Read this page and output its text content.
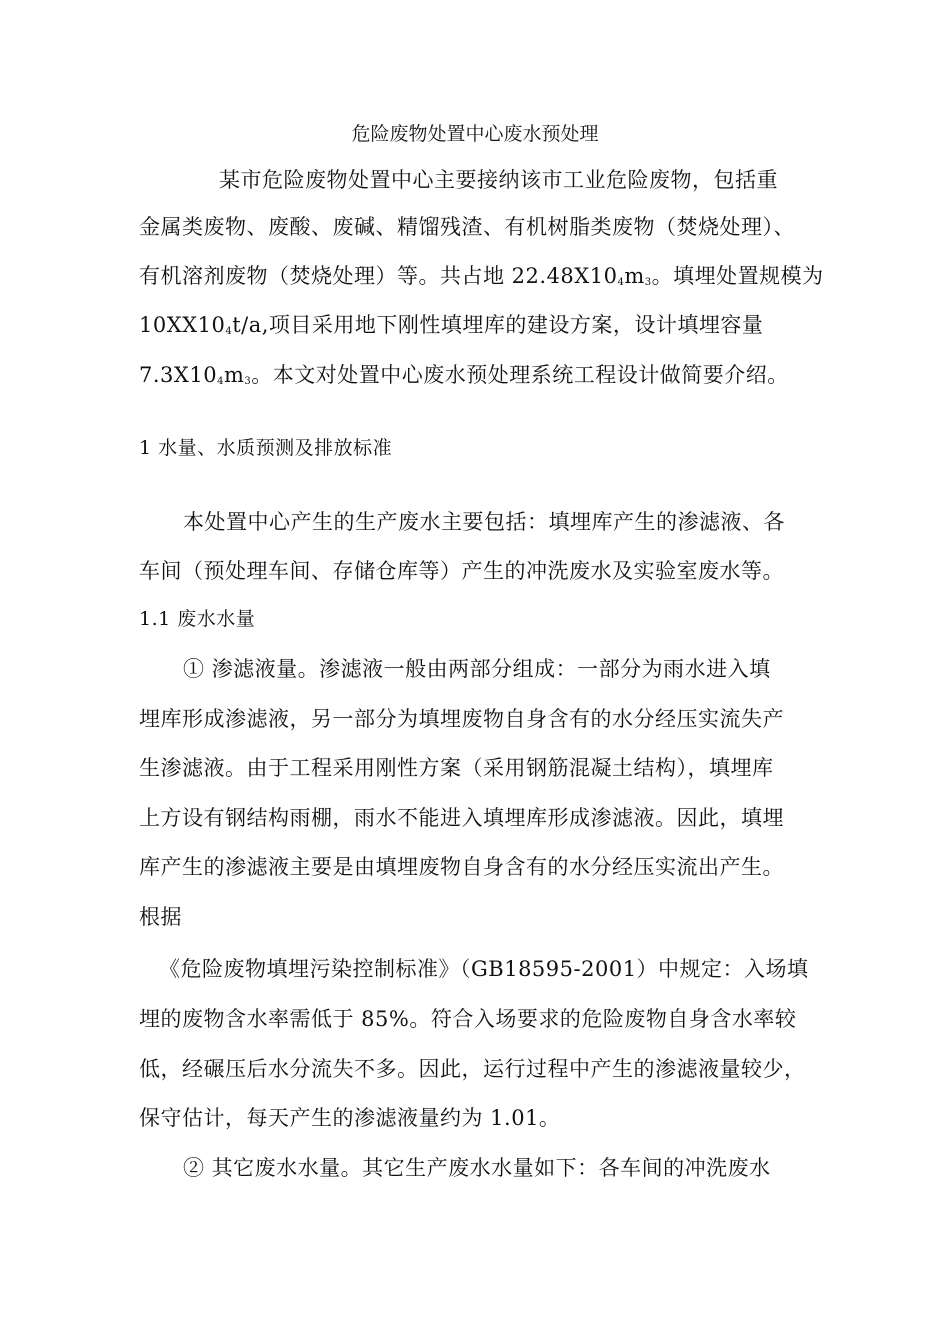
危险废物处置中心废水预处理
某市危险废物处置中心主要接纳该市工业危险废物，包括重
金属类废物、废酸、废碱、精馏残渣、有机树脂类废物（焚烧处理）、
有机溶剂废物（焚烧处理）等。共占地 $22.48X10_4m_3$。填埋处置规模为
$10XX10_4t/a$,项目采用地下刚性填埋库的建设方案，设计填埋容量
$7.3X10_4m_3$。本文对处置中心废水预处理系统工程设计做简要介绍。
1 水量、水质预测及排放标准
本处置中心产生的生产废水主要包括：填埋库产生的渗滤液、各
车间（预处理车间、存储仓库等）产生的冲洗废水及实验室废水等。
1.1 废水水量
① 渗滤液量。渗滤液一般由两部分组成：一部分为雨水进入填
埋库形成渗滤液，另一部分为填埋废物自身含有的水分经压实流失产
生渗滤液。由于工程采用刚性方案（采用钢筋混凝土结构），填埋库
上方设有钢结构雨棚，雨水不能进入填埋库形成渗滤液。因此，填埋
库产生的渗滤液主要是由填埋废物自身含有的水分经压实流出产生。
根据
《危险废物填埋污染控制标准》（GB18595-2001）中规定：入场填
埋的废物含水率需低于 85%。符合入场要求的危险废物自身含水率较
低，经碾压后水分流失不多。因此，运行过程中产生的渗滤液量较少，
保守估计，每天产生的渗滤液量约为 1.01。
② 其它废水水量。其它生产废水水量如下：各车间的冲洗废水
